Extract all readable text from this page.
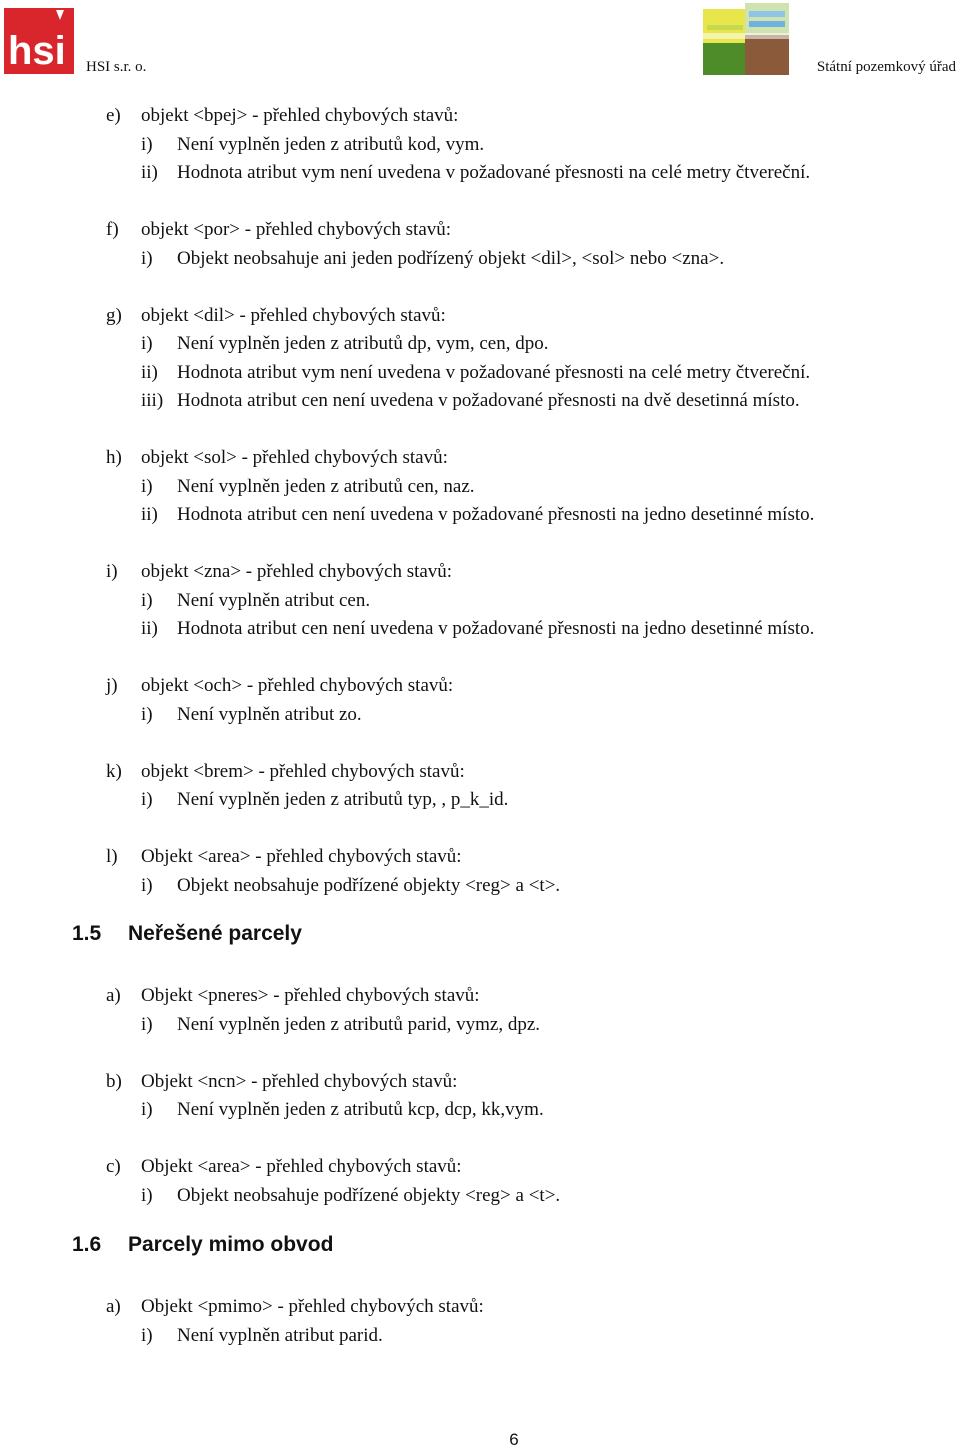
hsi HSI s.r. o.	Státní pozemkový úřad
e) objekt <bpej> - přehled chybových stavů:
i) Není vyplněn jeden z atributů kod, vym.
ii) Hodnota atribut vym není uvedena v požadované přesnosti na celé metry čtvereční.
f) objekt <por> - přehled chybových stavů:
i) Objekt neobsahuje ani jeden podřízený objekt <dil>, <sol> nebo <zna>.
g) objekt <dil> - přehled chybových stavů:
i) Není vyplněn jeden z atributů dp, vym, cen, dpo.
ii) Hodnota atribut vym není uvedena v požadované přesnosti na celé metry čtvereční.
iii) Hodnota atribut cen není uvedena v požadované přesnosti na dvě desetinná místo.
h) objekt <sol> - přehled chybových stavů:
i) Není vyplněn jeden z atributů cen, naz.
ii) Hodnota atribut cen není uvedena v požadované přesnosti na jedno desetinné místo.
i) objekt <zna> - přehled chybových stavů:
i) Není vyplněn atribut cen.
ii) Hodnota atribut cen není uvedena v požadované přesnosti na jedno desetinné místo.
j) objekt <och> - přehled chybových stavů:
i) Není vyplněn atribut zo.
k) objekt <brem> - přehled chybových stavů:
i) Není vyplněn jeden z atributů typ, , p_k_id.
l) Objekt <area> - přehled chybových stavů:
i) Objekt neobsahuje podřízené objekty <reg> a <t>.
1.5 Neřešené parcely
a) Objekt <pneres> - přehled chybových stavů:
i) Není vyplněn jeden z atributů parid, vymz, dpz.
b) Objekt <ncn> - přehled chybových stavů:
i) Není vyplněn jeden z atributů kcp, dcp, kk,vym.
c) Objekt <area> - přehled chybových stavů:
i) Objekt neobsahuje podřízené objekty <reg> a <t>.
1.6 Parcely mimo obvod
a) Objekt <pmimo> - přehled chybových stavů:
i) Není vyplněn atribut parid.
6
